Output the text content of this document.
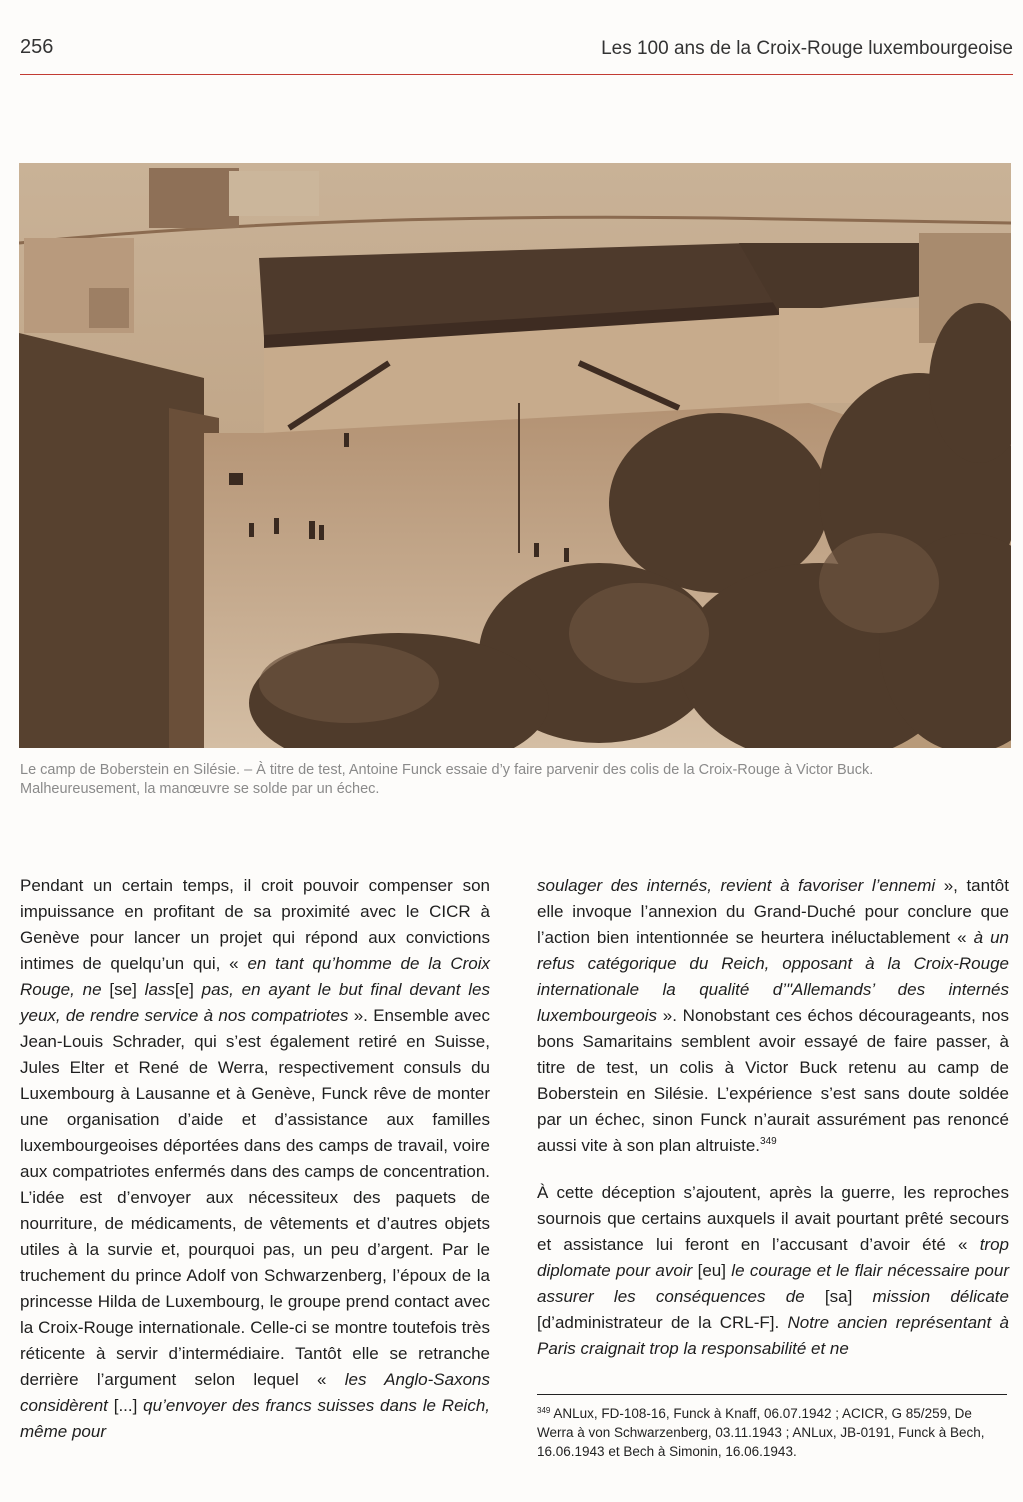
256	Les 100 ans de la Croix-Rouge luxembourgeoise
Le camp de Boberstein en Silésie. – À titre de test, Antoine Funck essaie d’y faire parvenir des colis de la Croix-Rouge à Victor Buck. Malheureusement, la manœuvre se solde par un échec.

Pendant un certain temps, il croit pouvoir compenser son impuissance en profitant de sa proximité avec le CICR à Genève pour lancer un projet qui répond aux convictions intimes de quelqu’un qui, « en tant qu’homme de la Croix Rouge, ne [se] lass[e] pas, en ayant le but final devant les yeux, de rendre service à nos compatriotes ». Ensemble avec Jean-Louis Schrader, qui s’est également retiré en Suisse, Jules Elter et René de Werra, respectivement consuls du Luxembourg à Lausanne et à Genève, Funck rêve de monter une organisation d’aide et d’assistance aux familles luxembourgeoises déportées dans des camps de travail, voire aux compatriotes enfermés dans des camps de concentration. L’idée est d’envoyer aux nécessiteux des paquets de nourriture, de médicaments, de vêtements et d’autres objets utiles à la survie et, pourquoi pas, un peu d’argent. Par le truchement du prince Adolf von Schwarzenberg, l’époux de la princesse Hilda de Luxembourg, le groupe prend contact avec la Croix-Rouge internationale. Celle-ci se montre toutefois très réticente à servir d’intermédiaire. Tantôt elle se retranche derrière l’argument selon lequel « les Anglo-Saxons considèrent [...] qu’envoyer des francs suisses dans le Reich, même pour

soulager des internés, revient à favoriser l’ennemi », tantôt elle invoque l’annexion du Grand-Duché pour conclure que l’action bien intentionnée se heurtera inéluctablement « à un refus catégorique du Reich, opposant à la Croix-Rouge internationale la qualité d’"Allemands’ des internés luxembourgeois ». Nonobstant ces échos décourageants, nos bons Samaritains semblent avoir essayé de faire passer, à titre de test, un colis à Victor Buck retenu au camp de Boberstein en Silésie. L’expérience s’est sans doute soldée par un échec, sinon Funck n’aurait assurément pas renoncé aussi vite à son plan altruiste.$^{349}$

À cette déception s’ajoutent, après la guerre, les reproches sournois que certains auxquels il avait pourtant prêté secours et assistance lui feront en l’accusant d’avoir été « trop diplomate pour avoir [eu] le courage et le flair nécessaire pour assurer les conséquences de [sa] mission délicate [d’administrateur de la CRL-F]. Notre ancien représentant à Paris craignait trop la responsabilité et ne

$^{349}$ ANLux, FD-108-16, Funck à Knaff, 06.07.1942 ; ACICR, G 85/259, De Werra à von Schwarzenberg, 03.11.1943 ; ANLux, JB-0191, Funck à Bech, 16.06.1943 et Bech à Simonin, 16.06.1943.
